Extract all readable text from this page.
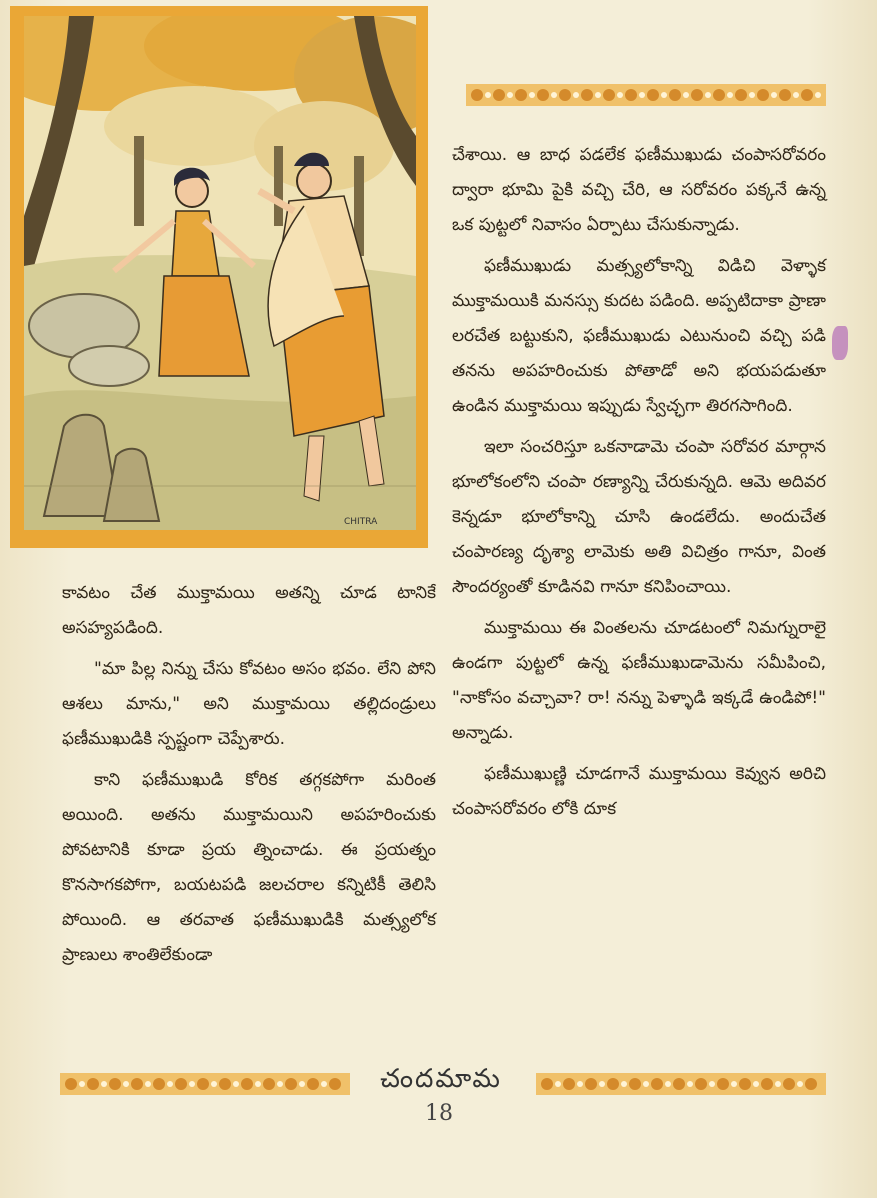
CHITRA

కావటం చేత ముక్తామయి అతన్ని చూడ టానికే అసహ్యపడింది.

"మా పిల్ల నిన్ను చేసు కోవటం అసం భవం. లేని పోని ఆశలు మాను," అని ముక్తామయి తల్లిదండ్రులు ఫణీముఖుడికి స్పష్టంగా చెప్పేశారు.

కాని ఫణీముఖుడి కోరిక తగ్గకపోగా మరింత అయింది. అతను ముక్తామయిని అపహరించుకు పోవటానికి కూడా ప్రయ త్నించాడు. ఈ ప్రయత్నం కొనసాగకపోగా, బయటపడి జలచరాల కన్నిటికీ తెలిసి పోయింది. ఆ తరవాత ఫణీముఖుడికి మత్స్యలోక ప్రాణులు శాంతిలేకుండా

చేశాయి. ఆ బాధ పడలేక ఫణీముఖుడు చంపాసరోవరం ద్వారా భూమి పైకి వచ్చి చేరి, ఆ సరోవరం పక్కనే ఉన్న ఒక పుట్టలో నివాసం ఏర్పాటు చేసుకున్నాడు.

ఫణీముఖుడు మత్స్యలోకాన్ని విడిచి వెళ్ళాక ముక్తామయికి మనస్సు కుదట పడింది. అప్పటిదాకా ప్రాణా లరచేత బట్టుకుని, ఫణీముఖుడు ఎటునుంచి వచ్చి పడి తనను అపహరించుకు పోతాడో అని భయపడుతూ ఉండిన ముక్తామయి ఇప్పుడు స్వేచ్ఛగా తిరగసాగింది.

ఇలా సంచరిస్తూ ఒకనాడామె చంపా సరోవర మార్గాన భూలోకంలోని చంపా రణ్యాన్ని చేరుకున్నది. ఆమె అదివర కెన్నడూ భూలోకాన్ని చూసి ఉండలేదు. అందుచేత చంపారణ్య దృశ్యా లామెకు అతి విచిత్రం గానూ, వింత సౌందర్యంతో కూడినవి గానూ కనిపించాయి.

ముక్తామయి ఈ వింతలను చూడటంలో నిమగ్నురాలై ఉండగా పుట్టలో ఉన్న ఫణీముఖుడామెను సమీపించి, "నాకోసం వచ్చావా? రా! నన్ను పెళ్ళాడి ఇక్కడే ఉండిపో!" అన్నాడు.

ఫణీముఖుణ్ణి చూడగానే ముక్తామయి కెవ్వున అరిచి చంపాసరోవరం లోకి దూక

చందమామ
18
